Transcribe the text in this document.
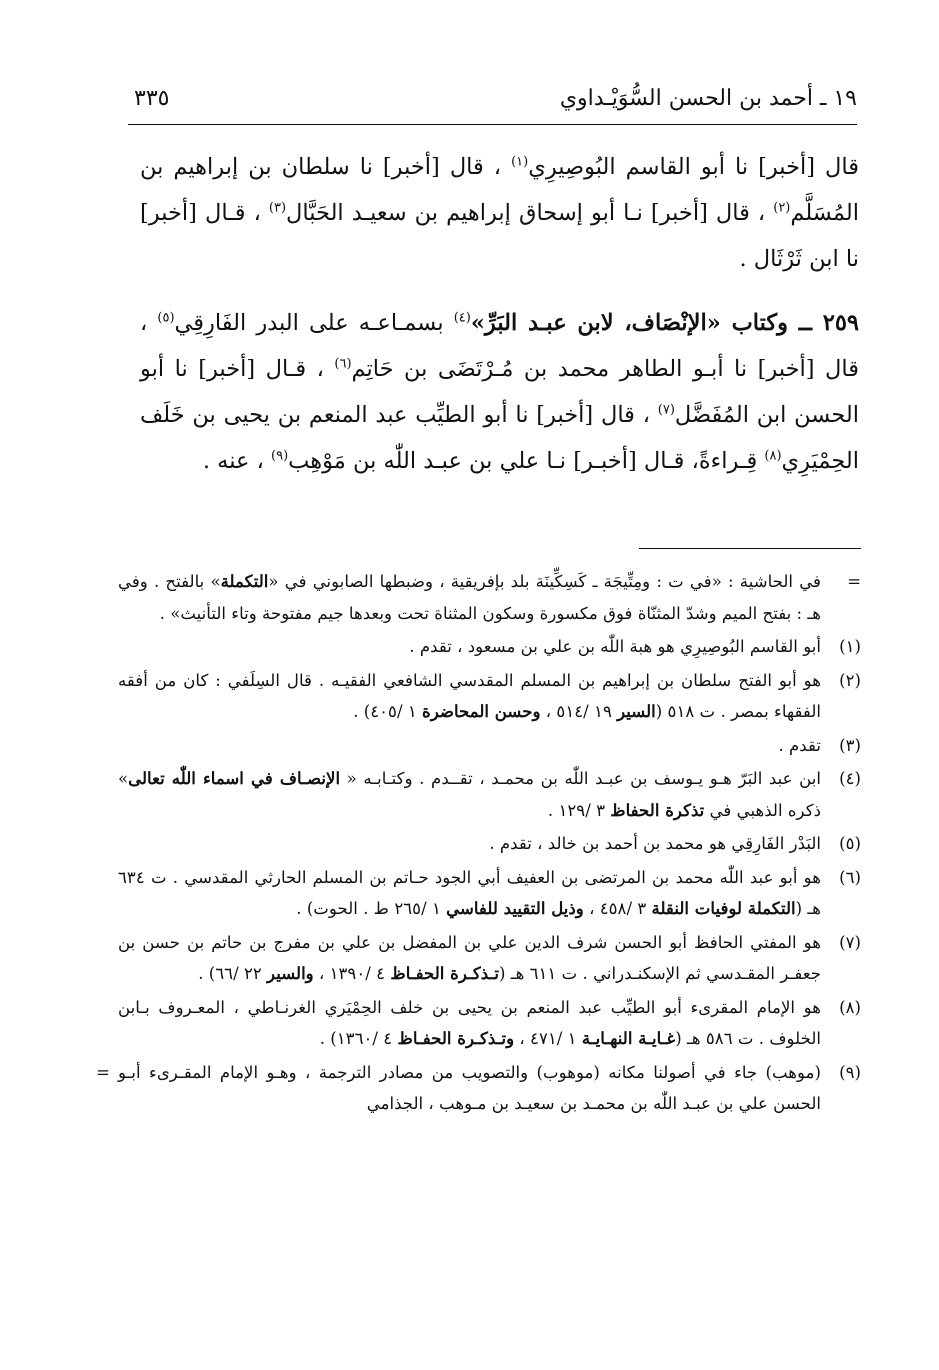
١٩ ـ أحمد بن الحسن السُّوَيْـداوي
٣٣٥

قال [أخبر] نا أبو القاسم البُوصِيرِي$^{(١)}$ ، قال [أخبر] نا سلطان بن إبراهيم بن المُسَلَّم$^{(٢)}$ ، قال [أخبر] نـا أبو إسحاق إبراهيم بن سعيـد الحَبَّال$^{(٣)}$ ، قـال [أخبر] نا ابن ثَرْثَال .

٢٥٩ ــ وكتاب «الإنْصَاف، لابن عبـد البَرِّ»$^{(٤)}$ بسمـاعـه على البدر الفَارِقِي$^{(٥)}$ ، قال [أخبر] نا أبـو الطاهر محمد بن مُـرْتَضَى بن حَاتِم$^{(٦)}$ ، قـال [أخبر] نا أبو الحسن ابن المُفَضَّل$^{(٧)}$ ، قال [أخبر] نا أبو الطيِّب عبد المنعم بن يحيى بن خَلَف الحِمْيَرِي$^{(٨)}$ قِـراءةً، قـال [أخبـر] نـا علي بن عبـد اللّٰه بن مَوْهِب$^{(٩)}$ ، عنه .

=
في الحاشية : «في ت : ومِتِّيجَة ـ كَسِكِّينَة بلد بإفريقية ، وضبطها الصابوني في «التكملة» بالفتح . وفي هـ : بفتح الميم وشدّ المثنّاة فوق مكسورة وسكون المثناة تحت وبعدها جيم مفتوحة وتاء التأنيث» .
(١)
أبو القاسم البُوصِيرِي هو هبة اللّٰه بن علي بن مسعود ، تقدم .
(٢)
هو أبو الفتح سلطان بن إبراهيم بن المسلم المقدسي الشافعي الفقيـه . قال السِلَفي : كان من أفقه الفقهاء بمصر . ت ٥١٨ (السير ١٩ /٥١٤ ، وحسن المحاضرة ١ /٤٠٥) .
(٣)
تقدم .
(٤)
ابن عبد البَرّ هـو يـوسف بن عبـد اللّٰه بن محمـد ، تقــدم . وكتـابـه « الإنصـاف في اسماء اللّٰه تعالى» ذكره الذهبي في تذكرة الحفاظ ٣ /١٢٩ .
(٥)
البَدْر الفَارِقِي هو محمد بن أحمد بن خالد ، تقدم .
(٦)
هو أبو عبد اللّٰه محمد بن المرتضى بن العفيف أبي الجود حـاتم بن المسلم الحارثي المقدسي . ت ٦٣٤ هـ (التكملة لوفيات النقلة ٣ /٤٥٨ ، وذيل التقييد للفاسي ١ /٢٦٥ ط . الحوت) .
(٧)
هو المفتي الحافظ أبو الحسن شرف الدين علي بن المفضل بن علي بن مفرج بن حاتم بن حسن بن جعفـر المقـدسي ثم الإسكنـدراني . ت ٦١١ هـ (تـذكـرة الحفـاظ ٤ /١٣٩٠ ، والسير ٢٢ /٦٦) .
(٨)
هو الإمام المقرىء أبو الطيِّب عبد المنعم بن يحيى بن خلف الحِمْيَري الغرنـاطي ، المعـروف بـابن الخلوف . ت ٥٨٦ هـ (غـايـة النهـايـة ١ /٤٧١ ، وتـذكـرة الحفـاظ ٤ /١٣٦٠) .
(٩)
(موهب) جاء في أصولنا مكانه (موهوب) والتصويب من مصادر الترجمة ، وهـو الإمام المقـرىء أبـو الحسن علي بن عبـد اللّٰه بن محمـد بن سعيـد بن مـوهب ، الجذامي
=
